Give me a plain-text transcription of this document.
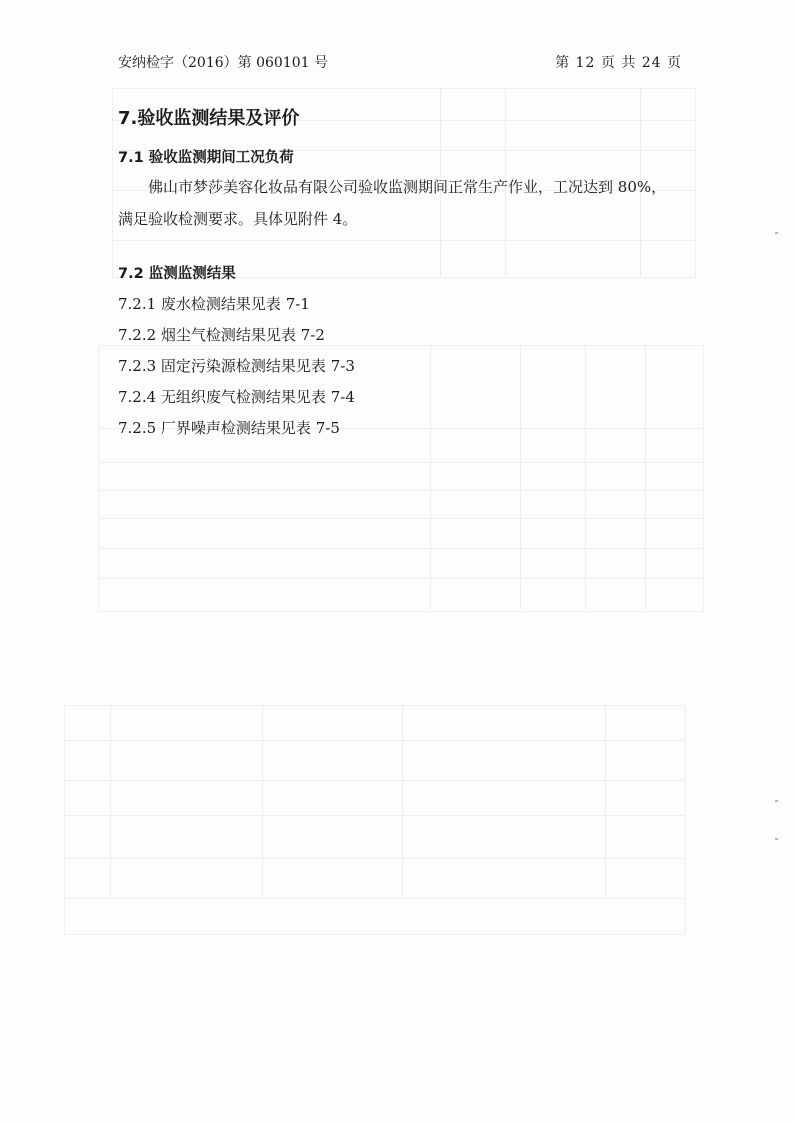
安纳检字（2016）第 060101 号	第 12 页 共 24 页
7.验收监测结果及评价
7.1 验收监测期间工况负荷
佛山市梦莎美容化妆品有限公司验收监测期间正常生产作业，工况达到 80%，
满足验收检测要求。具体见附件 4。
7.2 监测监测结果
7.2.1 废水检测结果见表 7-1
7.2.2 烟尘气检测结果见表 7-2
7.2.3 固定污染源检测结果见表 7-3
7.2.4 无组织废气检测结果见表 7-4
7.2.5 厂界噪声检测结果见表 7-5
